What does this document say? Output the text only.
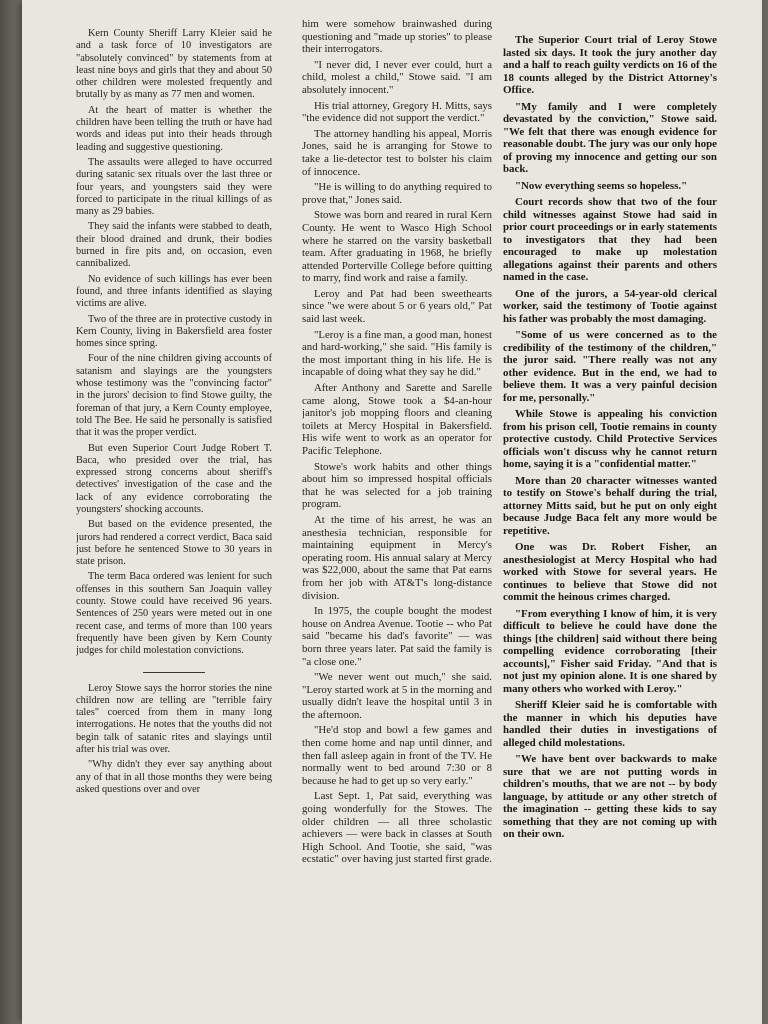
Kern County Sheriff Larry Kleier said he and a task force of 10 investigators are "absolutely convinced" by statements from at least nine boys and girls that they and about 50 other children were molested frequently and brutally by as many as 77 men and women.

At the heart of matter is whether the children have been telling the truth or have had words and ideas put into their heads through leading and suggestive questioning.

The assaults were alleged to have occurred during satanic sex rituals over the last three or four years, and youngsters said they were forced to participate in the ritual killings of as many as 29 babies.

They said the infants were stabbed to death, their blood drained and drunk, their bodies burned in fire pits and, on occasion, even cannibalized.

No evidence of such killings has ever been found, and three infants identified as slaying victims are alive.

Two of the three are in protective custody in Kern County, living in Bakersfield area foster homes since spring.

Four of the nine children giving accounts of satanism and slayings are the youngsters whose testimony was the "convincing factor" in the jurors' decision to find Stowe guilty, the foreman of that jury, a Kern County employee, told The Bee. He said he personally is satisfied that it was the proper verdict.

But even Superior Court Judge Robert T. Baca, who presided over the trial, has expressed strong concerns about sheriff's detectives' investigation of the case and the lack of any evidence corroborating the youngsters' shocking accounts.

But based on the evidence presented, the jurors had rendered a correct verdict, Baca said just before he sentenced Stowe to 30 years in state prison.

The term Baca ordered was lenient for such offenses in this southern San Joaquin valley county. Stowe could have received 96 years. Sentences of 250 years were meted out in one recent case, and terms of more than 100 years frequently have been given by Kern County judges for child molestation convictions.

Leroy Stowe says the horror stories the nine children now are telling are "terrible fairy tales" coerced from them in many long interrogations. He notes that the youths did not begin talk of satanic rites and slayings until after his trial was over.

"Why didn't they ever say anything about any of that in all those months they were being asked questions over and over

him were somehow brainwashed during questioning and "made up stories" to please their interrogators.

"I never did, I never ever could, hurt a child, molest a child," Stowe said. "I am absolutely innocent."

His trial attorney, Gregory H. Mitts, says "the evidence did not support the verdict."

The attorney handling his appeal, Morris Jones, said he is arranging for Stowe to take a lie-detector test to bolster his claim of innocence.

"He is willing to do anything required to prove that," Jones said.

Stowe was born and reared in rural Kern County. He went to Wasco High School where he starred on the varsity basketball team. After graduating in 1968, he briefly attended Porterville College before quitting to marry, find work and raise a family.

Leroy and Pat had been sweethearts since "we were about 5 or 6 years old," Pat said last week.

"Leroy is a fine man, a good man, honest and hard-working," she said. "His family is the most important thing in his life. He is incapable of doing what they say he did."

After Anthony and Sarette and Sarelle came along, Stowe took a $4-an-hour janitor's job mopping floors and cleaning toilets at Mercy Hospital in Bakersfield. His wife went to work as an operator for Pacific Telephone.

Stowe's work habits and other things about him so impressed hospital officials that he was selected for a job training program.

At the time of his arrest, he was an anesthesia technician, responsible for maintaining equipment in Mercy's operating room. His annual salary at Mercy was $22,000, about the same that Pat earns from her job with AT&T's long-distance division.

In 1975, the couple bought the modest house on Andrea Avenue. Tootie -- who Pat said "became his dad's favorite" — was born three years later. Pat said the family is "a close one."

"We never went out much," she said. "Leroy started work at 5 in the morning and usually didn't leave the hospital until 3 in the afternoon.

"He'd stop and bowl a few games and then come home and nap until dinner, and then fall asleep again in front of the TV. He normally went to bed around 7:30 or 8 because he had to get up so very early."

Last Sept. 1, Pat said, everything was going wonderfully for the Stowes. The older children — all three scholastic achievers — were back in classes at South High School. And Tootie, she said, "was ecstatic" over having just started first grade.

The Superior Court trial of Leroy Stowe lasted six days. It took the jury another day and a half to reach guilty verdicts on 16 of the 18 counts alleged by the District Attorney's Office.

"My family and I were completely devastated by the conviction," Stowe said. "We felt that there was enough evidence for reasonable doubt. The jury was our only hope of proving my innocence and getting our son back.

"Now everything seems so hopeless."

Court records show that two of the four child witnesses against Stowe had said in prior court proceedings or in early statements to investigators that they had been encouraged to make up molestation allegations against their parents and others named in the case.

One of the jurors, a 54-year-old clerical worker, said the testimony of Tootie against his father was probably the most damaging.

"Some of us were concerned as to the credibility of the testimony of the children," the juror said. "There really was not any other evidence. But in the end, we had to believe them. It was a very painful decision for me, personally."

While Stowe is appealing his conviction from his prison cell, Tootie remains in county protective custody. Child Protective Services officials won't discuss why he cannot return home, saying it is a "confidential matter."

More than 20 character witnesses wanted to testify on Stowe's behalf during the trial, attorney Mitts said, but he put on only eight because Judge Baca felt any more would be repetitive.

One was Dr. Robert Fisher, an anesthesiologist at Mercy Hospital who had worked with Stowe for several years. He continues to believe that Stowe did not commit the heinous crimes charged.

"From everything I know of him, it is very difficult to believe he could have done the things [the children] said without there being compelling evidence corroborating [their accounts]," Fisher said Friday. "And that is not just my opinion alone. It is one shared by many others who worked with Leroy."

Sheriff Kleier said he is comfortable with the manner in which his deputies have handled their duties in investigations of alleged child molestations.

"We have bent over backwards to make sure that we are not putting words in children's mouths, that we are not -- by body language, by attitude or any other stretch of the imagination -- getting these kids to say something that they are not coming up with on their own.
